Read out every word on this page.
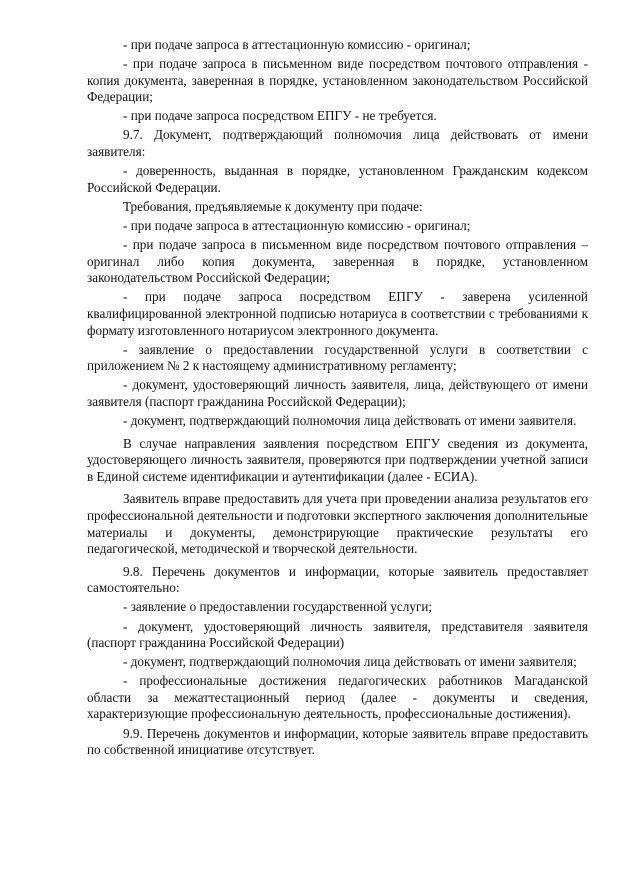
- при подаче запроса в аттестационную комиссию - оригинал;

- при подаче запроса в письменном виде посредством почтового отправления - копия документа, заверенная в порядке, установленном законодательством Российской Федерации;

- при подаче запроса посредством ЕПГУ - не требуется.

9.7. Документ, подтверждающий полномочия лица действовать от имени заявителя:

- доверенность, выданная в порядке, установленном Гражданским кодексом Российской Федерации.

Требования, предъявляемые к документу при подаче:

- при подаче запроса в аттестационную комиссию - оригинал;

- при подаче запроса в письменном виде посредством почтового отправления – оригинал либо копия документа, заверенная в порядке, установленном законодательством Российской Федерации;

- при подаче запроса посредством ЕПГУ - заверена усиленной квалифицированной электронной подписью нотариуса в соответствии с требованиями к формату изготовленного нотариусом электронного документа.

- заявление о предоставлении государственной услуги в соответствии с приложением № 2 к настоящему административному регламенту;

- документ, удостоверяющий личность заявителя, лица, действующего от имени заявителя (паспорт гражданина Российской Федерации);

- документ, подтверждающий полномочия лица действовать от имени заявителя.

В случае направления заявления посредством ЕПГУ сведения из документа, удостоверяющего личность заявителя, проверяются при подтверждении учетной записи в Единой системе идентификации и аутентификации (далее - ЕСИА).

Заявитель вправе предоставить для учета при проведении анализа результатов его профессиональной деятельности и подготовки экспертного заключения дополнительные материалы и документы, демонстрирующие практические результаты его педагогической, методической и творческой деятельности.

9.8. Перечень документов и информации, которые заявитель предоставляет самостоятельно:

- заявление о предоставлении государственной услуги;

- документ, удостоверяющий личность заявителя, представителя заявителя (паспорт гражданина Российской Федерации)

- документ, подтверждающий полномочия лица действовать от имени заявителя;

- профессиональные достижения педагогических работников Магаданской области за межаттестационный период (далее - документы и сведения, характеризующие профессиональную деятельность, профессиональные достижения).

9.9. Перечень документов и информации, которые заявитель вправе предоставить по собственной инициативе отсутствует.
